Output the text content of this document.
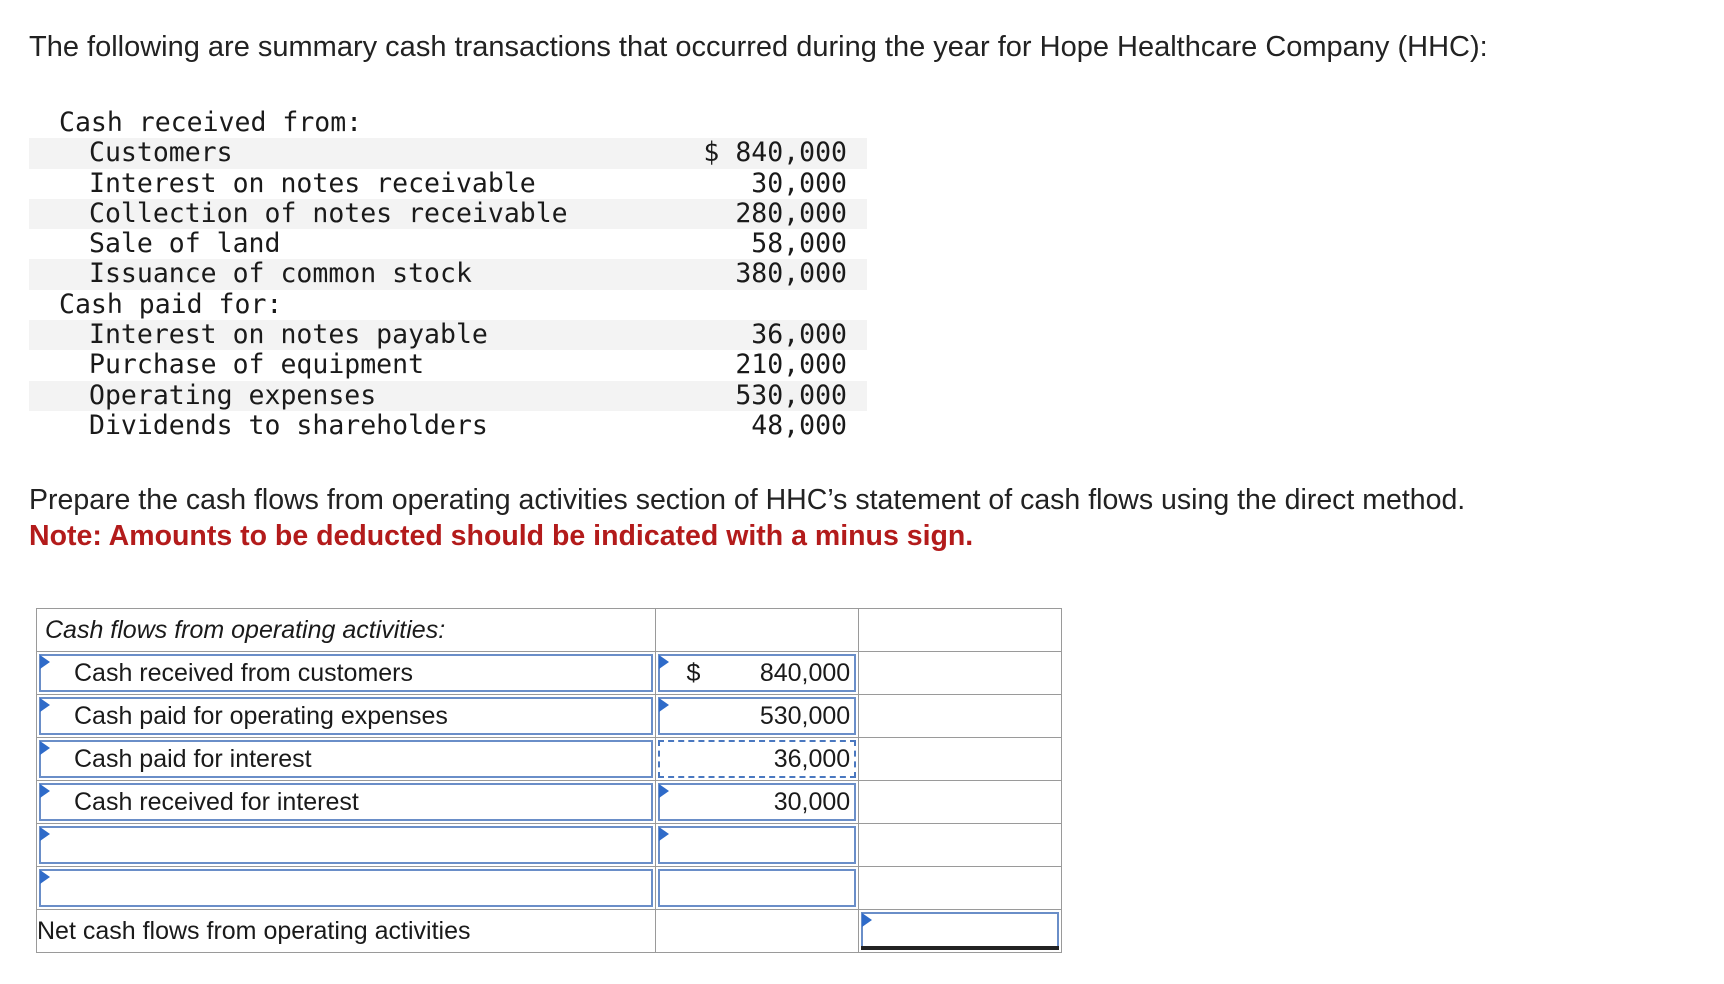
The following are summary cash transactions that occurred during the year for Hope Healthcare Company (HHC):
Cash received from:
Customers	$ 840,000
Interest on notes receivable	30,000
Collection of notes receivable	280,000
Sale of land	58,000
Issuance of common stock	380,000
Cash paid for:
Interest on notes payable	36,000
Purchase of equipment	210,000
Operating expenses	530,000
Dividends to shareholders	48,000
Prepare the cash flows from operating activities section of HHC’s statement of cash flows using the direct method.
Note: Amounts to be deducted should be indicated with a minus sign.
Cash flows from operating activities:		

Cash received from customers	$ 840,000	

Cash paid for operating expenses	530,000	

Cash paid for interest	36,000	

Cash received for interest	30,000	

Net cash flows from operating activities		
